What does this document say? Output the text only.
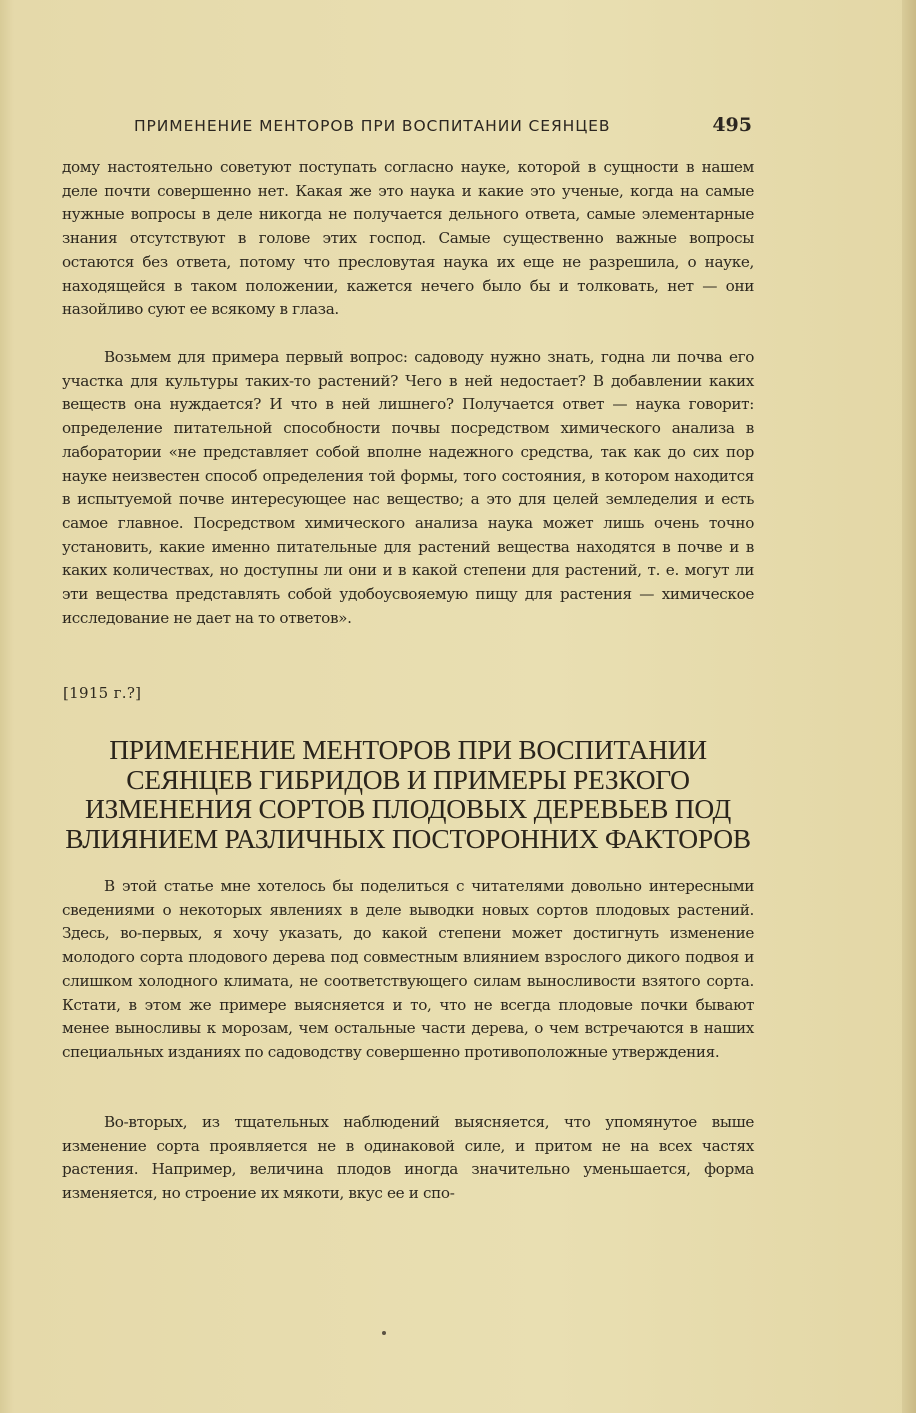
ПРИМЕНЕНИЕ МЕНТОРОВ ПРИ ВОСПИТАНИИ СЕЯНЦЕВ	495

дому настоятельно советуют поступать согласно науке, которой в сущности в нашем деле почти совершенно нет. Какая же это наука и какие это ученые, когда на самые нужные вопросы в деле никогда не получается дельного ответа, самые элементарные знания отсутствуют в голове этих господ. Самые существенно важные вопросы остаются без ответа, потому что пресловутая наука их еще не разрешила, о науке, находящейся в таком положении, кажется нечего было бы и толковать, нет — они назойливо суют ее всякому в глаза.

Возьмем для примера первый вопрос: садоводу нужно знать, годна ли почва его участка для культуры таких-то растений? Чего в ней недостает? В добавлении каких веществ она нуждается? И что в ней лишнего? Получается ответ — наука говорит: определение питательной способности почвы посредством химического анализа в лаборатории «не представляет собой вполне надежного средства, так как до сих пор науке неизвестен способ определения той формы, того состояния, в котором находится в испытуемой почве интересующее нас вещество; а это для целей земледелия и есть самое главное. Посредством химического анализа наука может лишь очень точно установить, какие именно питательные для растений вещества находятся в почве и в каких количествах, но доступны ли они и в какой степени для растений, т. е. могут ли эти вещества представлять собой удобоусвояемую пищу для растения — химическое исследование не дает на то ответов».

[1915 г.?]
ПРИМЕНЕНИЕ МЕНТОРОВ ПРИ ВОСПИТАНИИ
СЕЯНЦЕВ ГИБРИДОВ И ПРИМЕРЫ РЕЗКОГО
ИЗМЕНЕНИЯ СОРТОВ ПЛОДОВЫХ ДЕРЕВЬЕВ ПОД
ВЛИЯНИЕМ РАЗЛИЧНЫХ ПОСТОРОННИХ ФАКТОРОВ

В этой статье мне хотелось бы поделиться с читателями довольно интересными сведениями о некоторых явлениях в деле выводки новых сортов плодовых растений. Здесь, во-первых, я хочу указать, до какой степени может достигнуть изменение молодого сорта плодового дерева под совместным влиянием взрослого дикого подвоя и слишком холодного климата, не соответствующего силам выносливости взятого сорта. Кстати, в этом же примере выясняется и то, что не всегда плодовые почки бывают менее выносливы к морозам, чем остальные части дерева, о чем встречаются в наших специальных изданиях по садоводству совершенно противоположные утверждения.

Во-вторых, из тщательных наблюдений выясняется, что упомянутое выше изменение сорта проявляется не в одинаковой силе, и притом не на всех частях растения. Например, величина плодов иногда значительно уменьшается, форма изменяется, но строение их мякоти, вкус ее и спо-
